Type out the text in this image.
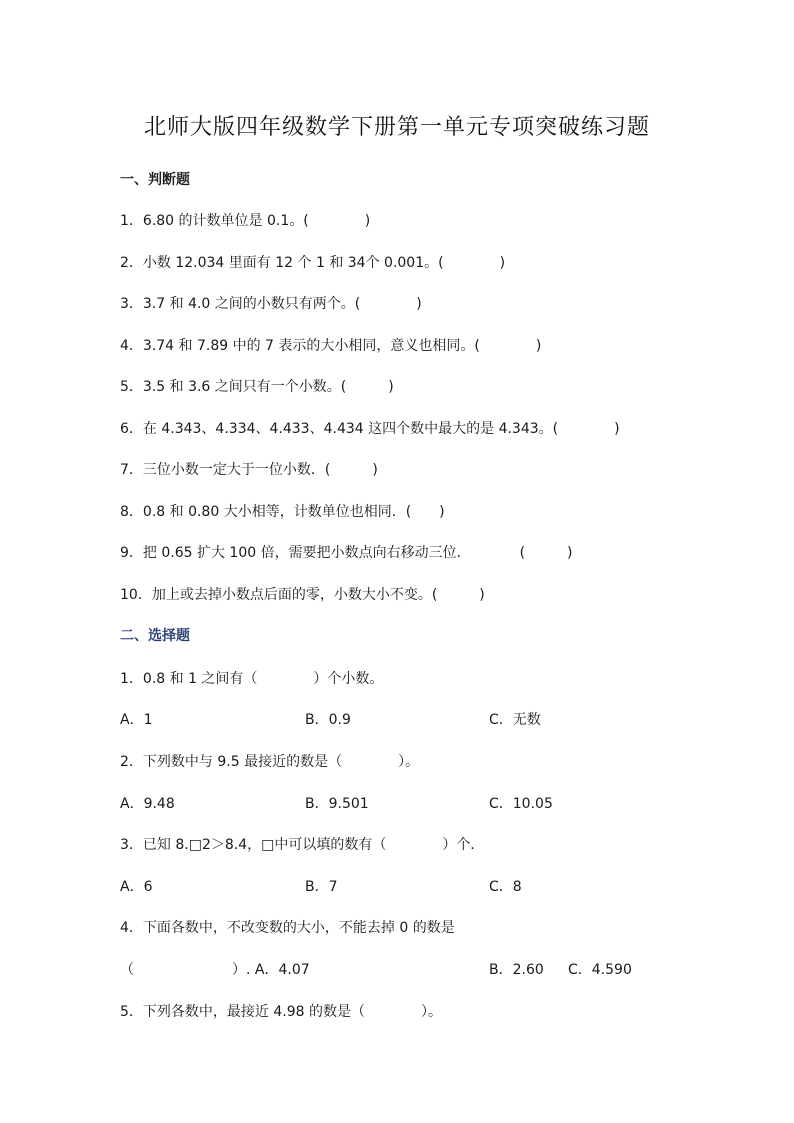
北师大版四年级数学下册第一单元专项突破练习题
一、判断题
1．6.80 的计数单位是 0.1。(　　　　)
2．小数 12.034 里面有 12 个 1 和 34个 0.001。(　　　　)
3．3.7 和 4.0 之间的小数只有两个。(　　　　)
4．3.74 和 7.89 中的 7 表示的大小相同，意义也相同。(　　　　)
5．3.5 和 3.6 之间只有一个小数。(　　　)
6．在 4.343、4.334、4.433、4.434 这四个数中最大的是 4.343。(　　　　)
7．三位小数一定大于一位小数．(　　　)
8．0.8 和 0.80 大小相等，计数单位也相同．(　　)
9．把 0.65 扩大 100 倍，需要把小数点向右移动三位．　　　　(　　　)
10．加上或去掉小数点后面的零，小数大小不变。(　　　)
二、选择题
1．0.8 和 1 之间有（　　　　）个小数。
A．1	B．0.9	C．无数
2．下列数中与 9.5 最接近的数是（　　　　）。
A．9.48	B．9.501	C．10.05
3．已知 8.□2＞8.4，□中可以填的数有（　　　　）个．
A．6	B．7	C．8
4．下面各数中，不改变数的大小，不能去掉 0 的数是
（　　　　　　　）. A．4.07	B．2.60 C．4.590
5．下列各数中，最接近 4.98 的数是（　　　　）。
